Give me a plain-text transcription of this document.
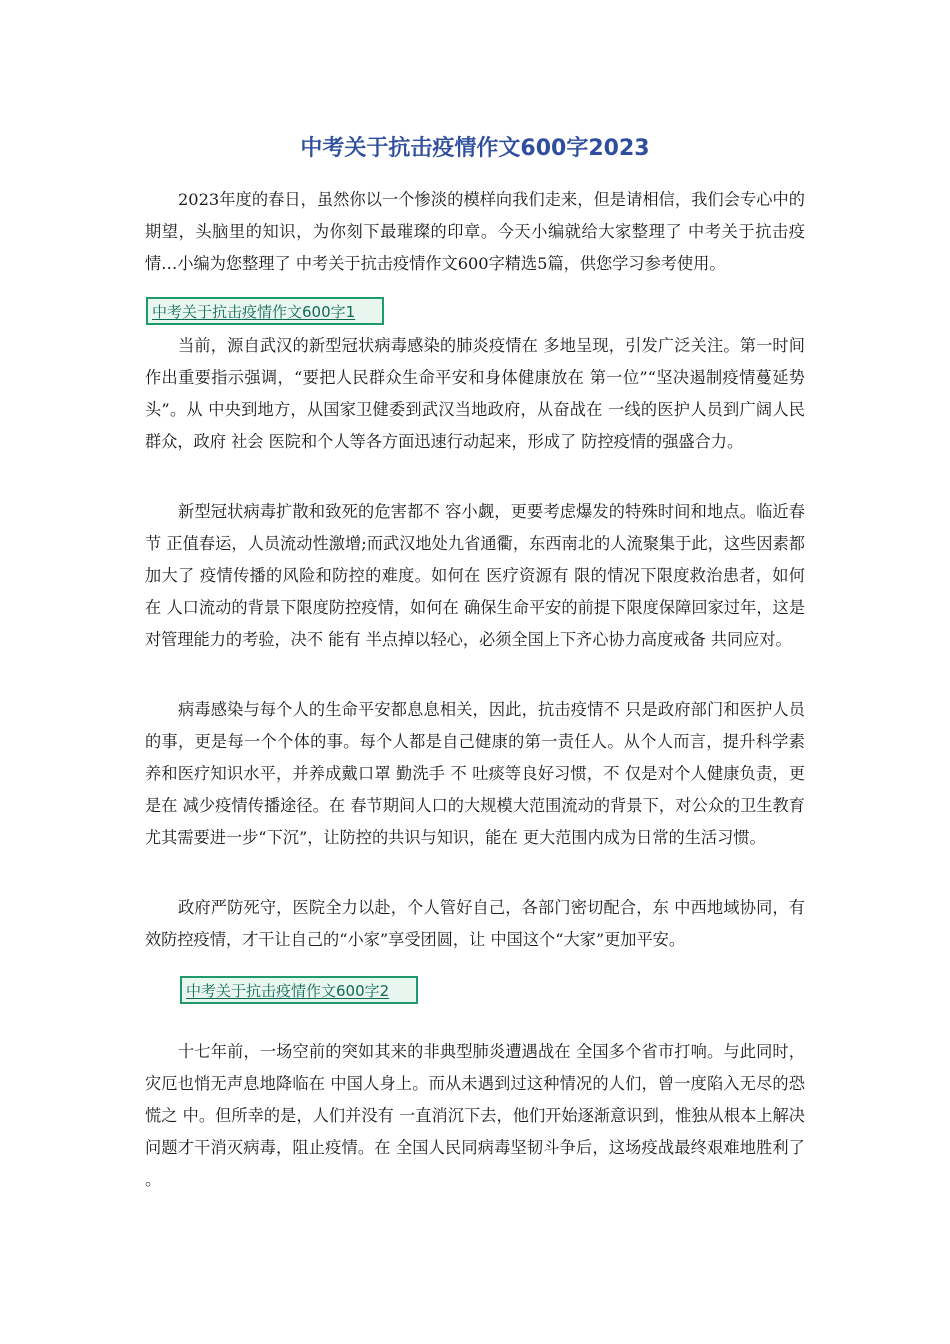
中考关于抗击疫情作文600字2023

2023年度的春日，虽然你以一个惨淡的模样向我们走来，但是请相信，我们会专心中的期望，头脑里的知识，为你刻下最璀璨的印章。今天小编就给大家整理了 中考关于抗击疫情…小编为您整理了 中考关于抗击疫情作文600字精选5篇，供您学习参考使用。

中考关于抗击疫情作文600字1

当前，源自武汉的新型冠状病毒感染的肺炎疫情在 多地呈现，引发广泛关注。第一时间作出重要指示强调，“要把人民群众生命平安和身体健康放在 第一位”“坚决遏制疫情蔓延势头”。从 中央到地方，从国家卫健委到武汉当地政府，从奋战在 一线的医护人员到广阔人民群众，政府 社会 医院和个人等各方面迅速行动起来，形成了 防控疫情的强盛合力。

新型冠状病毒扩散和致死的危害都不 容小觑，更要考虑爆发的特殊时间和地点。临近春节 正值春运，人员流动性激增;而武汉地处九省通衢，东西南北的人流聚集于此，这些因素都加大了 疫情传播的风险和防控的难度。如何在 医疗资源有 限的情况下限度救治患者，如何在 人口流动的背景下限度防控疫情，如何在 确保生命平安的前提下限度保障回家过年，这是对管理能力的考验，决不 能有 半点掉以轻心，必须全国上下齐心协力高度戒备 共同应对。

病毒感染与每个人的生命平安都息息相关，因此，抗击疫情不 只是政府部门和医护人员的事，更是每一个个体的事。每个人都是自己健康的第一责任人。从个人而言，提升科学素养和医疗知识水平，并养成戴口罩 勤洗手 不 吐痰等良好习惯，不 仅是对个人健康负责，更是在 减少疫情传播途径。在 春节期间人口的大规模大范围流动的背景下，对公众的卫生教育尤其需要进一步“下沉”，让防控的共识与知识，能在 更大范围内成为日常的生活习惯。

政府严防死守，医院全力以赴，个人管好自己，各部门密切配合，东 中西地域协同，有 效防控疫情，才干让自己的“小家”享受团圆，让 中国这个“大家”更加平安。

中考关于抗击疫情作文600字2

十七年前，一场空前的突如其来的非典型肺炎遭遇战在 全国多个省市打响。与此同时，灾厄也悄无声息地降临在 中国人身上。而从未遇到过这种情况的人们，曾一度陷入无尽的恐慌之 中。但所幸的是，人们并没有 一直消沉下去，他们开始逐渐意识到，惟独从根本上解决问题才干消灭病毒，阻止疫情。在 全国人民同病毒坚韧斗争后，这场疫战最终艰难地胜利了 。
